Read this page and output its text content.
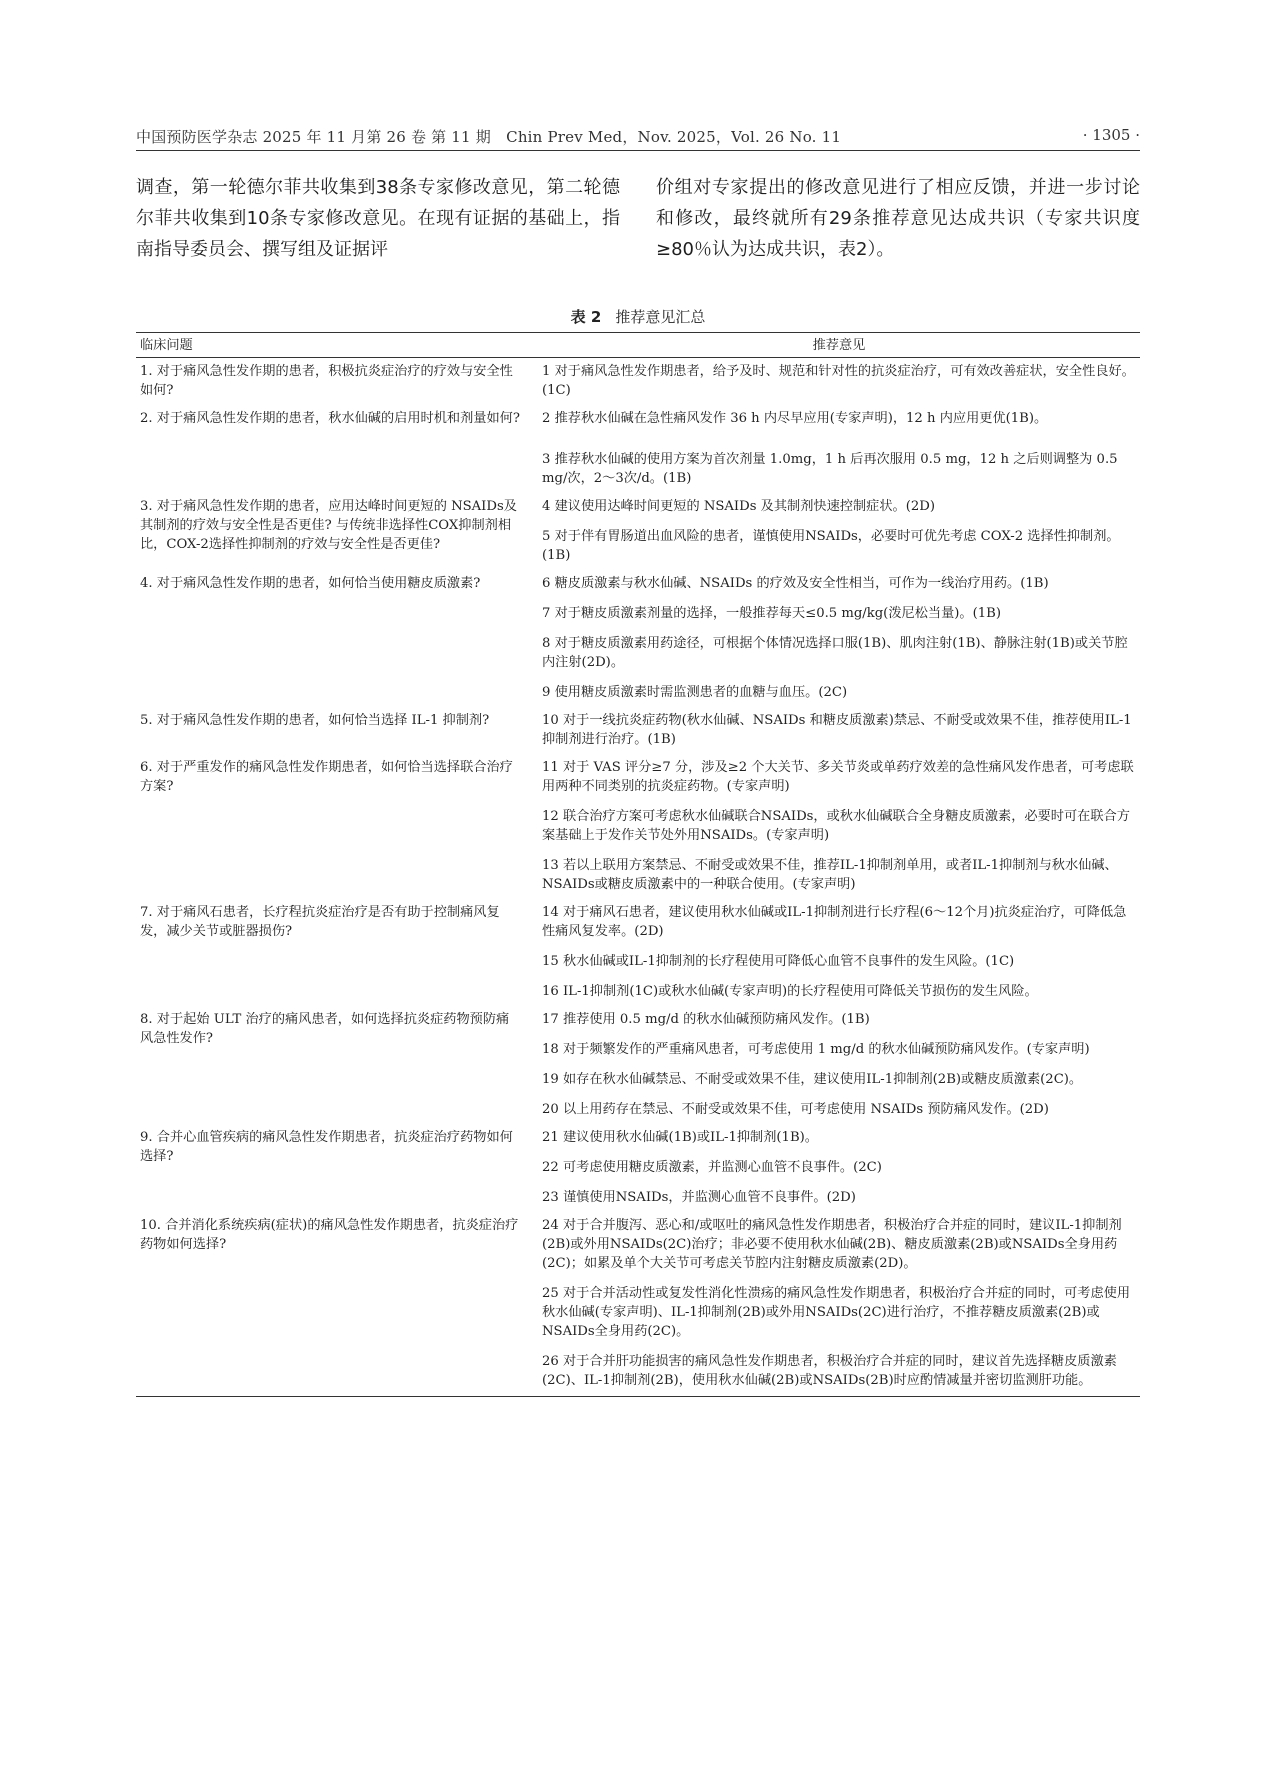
中国预防医学杂志 2025 年 11 月第 26 卷 第 11 期　Chin Prev Med，Nov. 2025，Vol. 26 No. 11	· 1305 ·
调查，第一轮德尔菲共收集到38条专家修改意见，第二轮德尔菲共收集到10条专家修改意见。在现有证据的基础上，指南指导委员会、撰写组及证据评
价组对专家提出的修改意见进行了相应反馈，并进一步讨论和修改，最终就所有29条推荐意见达成共识（专家共识度≥80％认为达成共识，表2）。
表 2 推荐意见汇总
临床问题	推荐意见
1. 对于痛风急性发作期的患者，积极抗炎症治疗的疗效与安全性如何?	1 对于痛风急性发作期患者，给予及时、规范和针对性的抗炎症治疗，可有效改善症状，安全性良好。(1C)
2. 对于痛风急性发作期的患者，秋水仙碱的启用时机和剂量如何?	2 推荐秋水仙碱在急性痛风发作 36 h 内尽早应用(专家声明)，12 h 内应用更优(1B)。
	3 推荐秋水仙碱的使用方案为首次剂量 1.0mg，1 h 后再次服用 0.5 mg，12 h 之后则调整为 0.5 mg/次，2～3次/d。(1B)
3. 对于痛风急性发作期的患者，应用达峰时间更短的 NSAIDs及其制剂的疗效与安全性是否更佳? 与传统非选择性COX抑制剂相比，COX-2选择性抑制剂的疗效与安全性是否更佳?	4 建议使用达峰时间更短的 NSAIDs 及其制剂快速控制症状。(2D)
	5 对于伴有胃肠道出血风险的患者，谨慎使用NSAIDs，必要时可优先考虑 COX-2 选择性抑制剂。(1B)
4. 对于痛风急性发作期的患者，如何恰当使用糖皮质激素?	6 糖皮质激素与秋水仙碱、NSAIDs 的疗效及安全性相当，可作为一线治疗用药。(1B)
	7 对于糖皮质激素剂量的选择，一般推荐每天≤0.5 mg/kg(泼尼松当量)。(1B)
	8 对于糖皮质激素用药途径，可根据个体情况选择口服(1B)、肌肉注射(1B)、静脉注射(1B)或关节腔内注射(2D)。
	9 使用糖皮质激素时需监测患者的血糖与血压。(2C)
5. 对于痛风急性发作期的患者，如何恰当选择 IL-1 抑制剂?	10 对于一线抗炎症药物(秋水仙碱、NSAIDs 和糖皮质激素)禁忌、不耐受或效果不佳，推荐使用IL-1抑制剂进行治疗。(1B)
6. 对于严重发作的痛风急性发作期患者，如何恰当选择联合治疗方案?	11 对于 VAS 评分≥7 分，涉及≥2 个大关节、多关节炎或单药疗效差的急性痛风发作患者，可考虑联用两种不同类别的抗炎症药物。(专家声明)
	12 联合治疗方案可考虑秋水仙碱联合NSAIDs，或秋水仙碱联合全身糖皮质激素，必要时可在联合方案基础上于发作关节处外用NSAIDs。(专家声明)
	13 若以上联用方案禁忌、不耐受或效果不佳，推荐IL-1抑制剂单用，或者IL-1抑制剂与秋水仙碱、NSAIDs或糖皮质激素中的一种联合使用。(专家声明)
7. 对于痛风石患者，长疗程抗炎症治疗是否有助于控制痛风复发，减少关节或脏器损伤?	14 对于痛风石患者，建议使用秋水仙碱或IL-1抑制剂进行长疗程(6～12个月)抗炎症治疗，可降低急性痛风复发率。(2D)
	15 秋水仙碱或IL-1抑制剂的长疗程使用可降低心血管不良事件的发生风险。(1C)
	16 IL-1抑制剂(1C)或秋水仙碱(专家声明)的长疗程使用可降低关节损伤的发生风险。
8. 对于起始 ULT 治疗的痛风患者，如何选择抗炎症药物预防痛风急性发作?	17 推荐使用 0.5 mg/d 的秋水仙碱预防痛风发作。(1B)
	18 对于频繁发作的严重痛风患者，可考虑使用 1 mg/d 的秋水仙碱预防痛风发作。(专家声明)
	19 如存在秋水仙碱禁忌、不耐受或效果不佳，建议使用IL-1抑制剂(2B)或糖皮质激素(2C)。
	20 以上用药存在禁忌、不耐受或效果不佳，可考虑使用 NSAIDs 预防痛风发作。(2D)
9. 合并心血管疾病的痛风急性发作期患者，抗炎症治疗药物如何选择?	21 建议使用秋水仙碱(1B)或IL-1抑制剂(1B)。
	22 可考虑使用糖皮质激素，并监测心血管不良事件。(2C)
	23 谨慎使用NSAIDs，并监测心血管不良事件。(2D)
10. 合并消化系统疾病(症状)的痛风急性发作期患者，抗炎症治疗药物如何选择?	24 对于合并腹泻、恶心和/或呕吐的痛风急性发作期患者，积极治疗合并症的同时，建议IL-1抑制剂(2B)或外用NSAIDs(2C)治疗；非必要不使用秋水仙碱(2B)、糖皮质激素(2B)或NSAIDs全身用药(2C)；如累及单个大关节可考虑关节腔内注射糖皮质激素(2D)。
	25 对于合并活动性或复发性消化性溃疡的痛风急性发作期患者，积极治疗合并症的同时，可考虑使用秋水仙碱(专家声明)、IL-1抑制剂(2B)或外用NSAIDs(2C)进行治疗，不推荐糖皮质激素(2B)或NSAIDs全身用药(2C)。
	26 对于合并肝功能损害的痛风急性发作期患者，积极治疗合并症的同时，建议首先选择糖皮质激素(2C)、IL-1抑制剂(2B)，使用秋水仙碱(2B)或NSAIDs(2B)时应酌情减量并密切监测肝功能。
